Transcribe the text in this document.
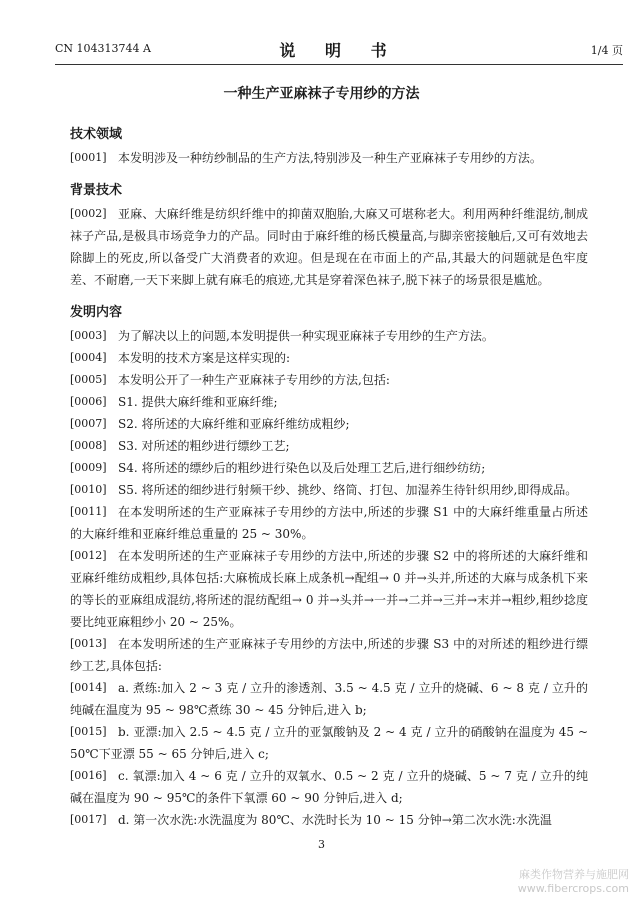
CN 104313744 A	说 明 书	1/4 页
一种生产亚麻袜子专用纱的方法
技术领域
[0001] 本发明涉及一种纺纱制品的生产方法,特别涉及一种生产亚麻袜子专用纱的方法。
背景技术
[0002] 亚麻、大麻纤维是纺织纤维中的抑菌双胞胎,大麻又可堪称老大。利用两种纤维混纺,制成袜子产品,是极具市场竞争力的产品。同时由于麻纤维的杨氏模量高,与脚亲密接触后,又可有效地去除脚上的死皮,所以备受广大消费者的欢迎。但是现在在市面上的产品,其最大的问题就是色牢度差、不耐磨,一天下来脚上就有麻毛的痕迹,尤其是穿着深色袜子,脱下袜子的场景很是尴尬。
发明内容
[0003] 为了解决以上的问题,本发明提供一种实现亚麻袜子专用纱的生产方法。
[0004] 本发明的技术方案是这样实现的:
[0005] 本发明公开了一种生产亚麻袜子专用纱的方法,包括:
[0006] S1. 提供大麻纤维和亚麻纤维;
[0007] S2. 将所述的大麻纤维和亚麻纤维纺成粗纱;
[0008] S3. 对所述的粗纱进行缥纱工艺;
[0009] S4. 将所述的缥纱后的粗纱进行染色以及后处理工艺后,进行细纱纺纺;
[0010] S5. 将所述的细纱进行射频干纱、挑纱、络筒、打包、加湿养生待针织用纱,即得成品。
[0011] 在本发明所述的生产亚麻袜子专用纱的方法中,所述的步骤 S1 中的大麻纤维重量占所述的大麻纤维和亚麻纤维总重量的 25 ~ 30%。
[0012] 在本发明所述的生产亚麻袜子专用纱的方法中,所述的步骤 S2 中的将所述的大麻纤维和亚麻纤维纺成粗纱,具体包括:大麻梳成长麻上成条机→配组→ 0 并→头并,所述的大麻与成条机下来的等长的亚麻组成混纺,将所述的混纺配组→ 0 并→头并→一并→二并→三并→末并→粗纱,粗纱捻度要比纯亚麻粗纱小 20 ~ 25%。
[0013] 在本发明所述的生产亚麻袜子专用纱的方法中,所述的步骤 S3 中的对所述的粗纱进行缥纱工艺,具体包括:
[0014] a. 煮练:加入 2 ~ 3 克 / 立升的渗透剂、3.5 ~ 4.5 克 / 立升的烧碱、6 ~ 8 克 / 立升的纯碱在温度为 95 ~ 98℃煮练 30 ~ 45 分钟后,进入 b;
[0015] b. 亚漂:加入 2.5 ~ 4.5 克 / 立升的亚氯酸钠及 2 ~ 4 克 / 立升的硝酸钠在温度为 45 ~ 50℃下亚漂 55 ~ 65 分钟后,进入 c;
[0016] c. 氧漂:加入 4 ~ 6 克 / 立升的双氧水、0.5 ~ 2 克 / 立升的烧碱、5 ~ 7 克 / 立升的纯碱在温度为 90 ~ 95℃的条件下氧漂 60 ~ 90 分钟后,进入 d;
[0017] d. 第一次水洗:水洗温度为 80℃、水洗时长为 10 ~ 15 分钟→第二次水洗:水洗温
3
麻类作物营养与施肥网
www.fibercrops.com
